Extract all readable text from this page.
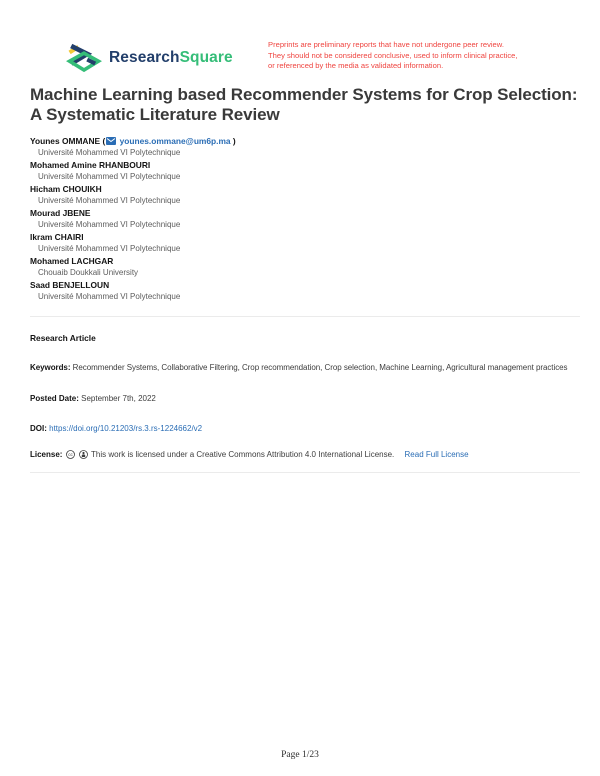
ResearchSquare
Preprints are preliminary reports that have not undergone peer review.
They should not be considered conclusive, used to inform clinical practice,
or referenced by the media as validated information.
Machine Learning based Recommender Systems for Crop Selection: A Systematic Literature Review
Younes OMMANE ( younes.ommane@um6p.ma )
Université Mohammed VI Polytechnique
Mohamed Amine RHANBOURI
Université Mohammed VI Polytechnique
Hicham CHOUIKH
Université Mohammed VI Polytechnique
Mourad JBENE
Université Mohammed VI Polytechnique
Ikram CHAIRI
Université Mohammed VI Polytechnique
Mohamed LACHGAR
Chouaib Doukkali University
Saad BENJELLOUN
Université Mohammed VI Polytechnique
Research Article
Keywords: Recommender Systems, Collaborative Filtering, Crop recommendation, Crop selection, Machine Learning, Agricultural management practices
Posted Date: September 7th, 2022
DOI: https://doi.org/10.21203/rs.3.rs-1224662/v2
License: cc This work is licensed under a Creative Commons Attribution 4.0 International License. Read Full License
Page 1/23
